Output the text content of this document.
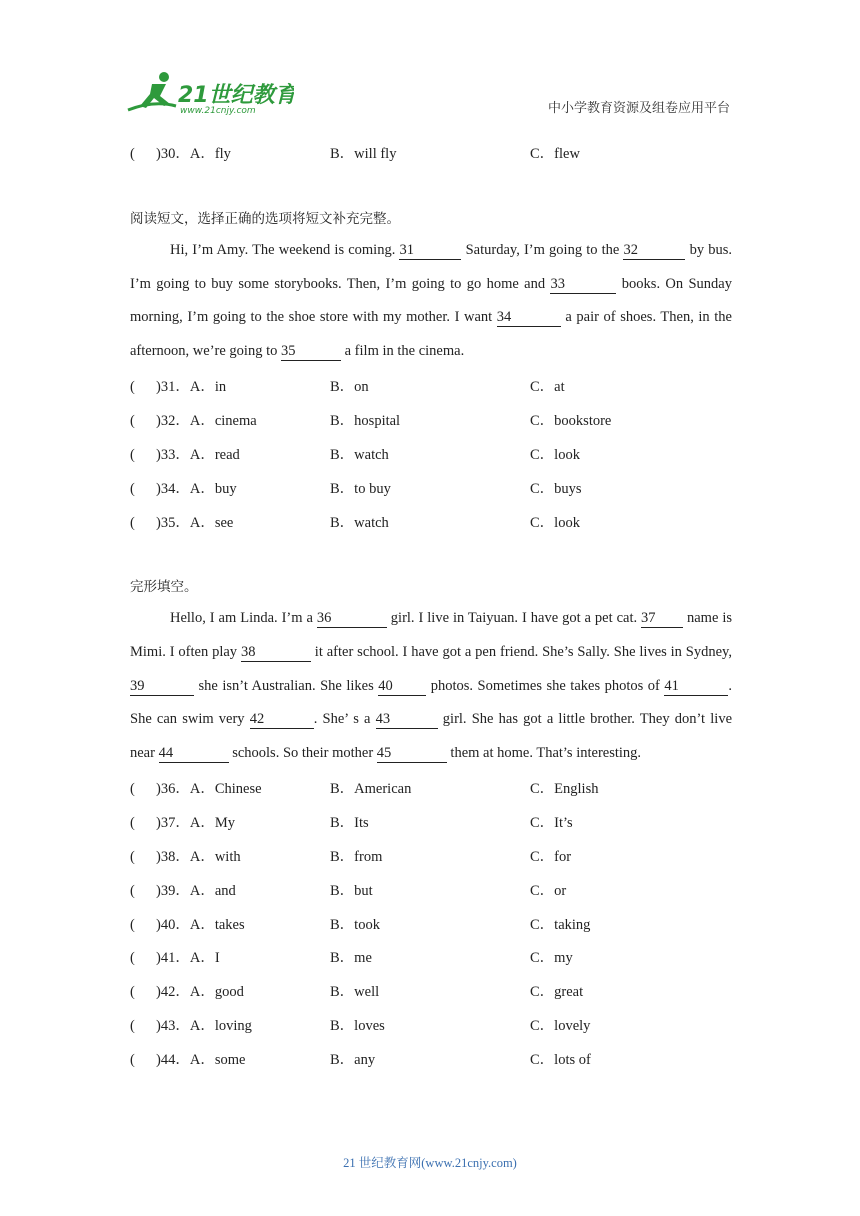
21世纪教育
www.21cnjy.com	中小学教育资源及组卷应用平台
( )30．A．fly	B．will fly	C．flew
阅读短文，选择正确的选项将短文补充完整。
Hi, I’m Amy. The weekend is coming. 31	Saturday, I’m going to the 32	by bus. I’m going to buy some storybooks. Then, I’m going to go home and 33	books. On Sunday morning, I’m going to the shoe store with my mother. I want 34	a pair of shoes. Then, in the afternoon, we’re going to 35	a film in the cinema.
( )31．A．in	B．on	C．at
( )32．A．cinema	B．hospital	C．bookstore
( )33．A．read	B．watch	C．look
( )34．A．buy	B．to buy	C．buys
( )35．A．see	B．watch	C．look
完形填空。
Hello, I am Linda. I’m a 36	girl. I live in Taiyuan. I have got a pet cat. 37 name is Mimi. I often play 38	it after school. I have got a pen friend. She’s Sally. She lives in Sydney, 39	she isn’t Australian. She likes 40 photos. Sometimes she takes photos of 41	. She can swim very 42	. She’ s a 43	girl. She has got a little brother. They don’t live near 44	schools. So their mother 45	them at home. That’s interesting.
( )36．A．Chinese	B．American	C．English
( )37．A．My	B．Its	C．It’s
( )38．A．with	B．from	C．for
( )39．A．and	B．but	C．or
( )40．A．takes	B．took	C．taking
( )41．A．I	B．me	C．my
( )42．A．good	B．well	C．great
( )43．A．loving	B．loves	C．lovely
( )44．A．some	B．any	C．lots of
21 世纪教育网(www.21cnjy.com)
